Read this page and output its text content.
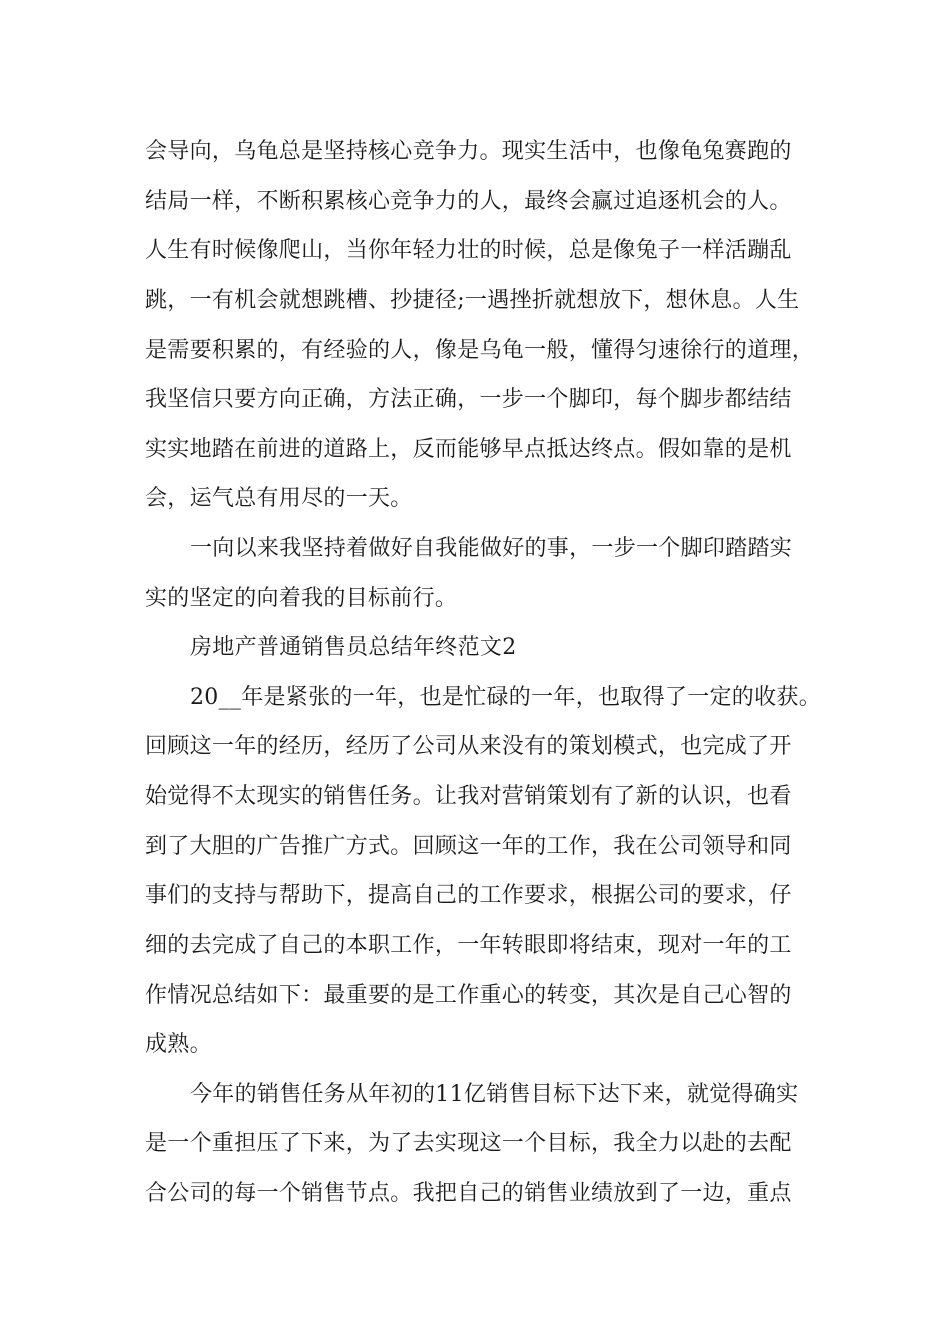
会导向，乌龟总是坚持核心竞争力。现实生活中，也像龟兔赛跑的
结局一样，不断积累核心竞争力的人，最终会赢过追逐机会的人。
人生有时候像爬山，当你年轻力壮的时候，总是像兔子一样活蹦乱
跳，一有机会就想跳槽、抄捷径;一遇挫折就想放下，想休息。人生
是需要积累的，有经验的人，像是乌龟一般，懂得匀速徐行的道理，
我坚信只要方向正确，方法正确，一步一个脚印，每个脚步都结结
实实地踏在前进的道路上，反而能够早点抵达终点。假如靠的是机
会，运气总有用尽的一天。
一向以来我坚持着做好自我能做好的事，一步一个脚印踏踏实
实的坚定的向着我的目标前行。
房地产普通销售员总结年终范文2
20__年是紧张的一年，也是忙碌的一年，也取得了一定的收获。
回顾这一年的经历，经历了公司从来没有的策划模式，也完成了开
始觉得不太现实的销售任务。让我对营销策划有了新的认识，也看
到了大胆的广告推广方式。回顾这一年的工作，我在公司领导和同
事们的支持与帮助下，提高自己的工作要求，根据公司的要求，仔
细的去完成了自己的本职工作，一年转眼即将结束，现对一年的工
作情况总结如下：最重要的是工作重心的转变，其次是自己心智的
成熟。
今年的销售任务从年初的11亿销售目标下达下来，就觉得确实
是一个重担压了下来，为了去实现这一个目标，我全力以赴的去配
合公司的每一个销售节点。我把自己的销售业绩放到了一边，重点
